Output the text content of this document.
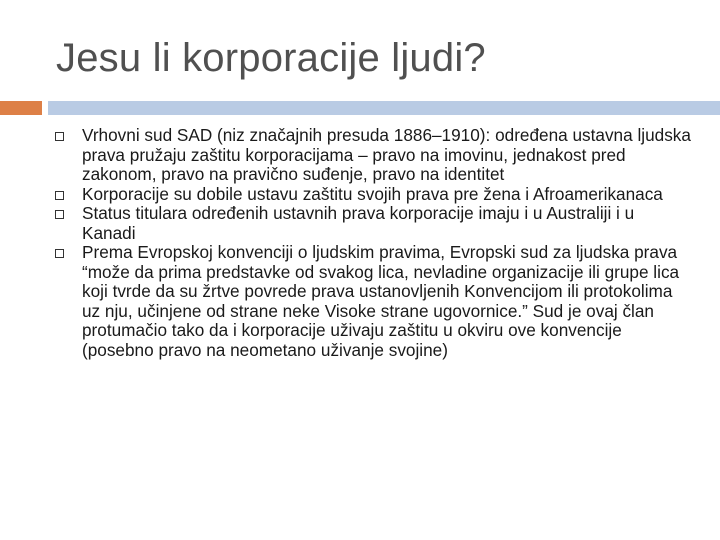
Jesu li korporacije ljudi?
Vrhovni sud SAD (niz značajnih presuda 1886–1910): određena ustavna ljudska prava pružaju zaštitu korporacijama – pravo na imovinu, jednakost pred zakonom, pravo na pravično suđenje, pravo na identitet
Korporacije su dobile ustavu zaštitu svojih prava pre žena i Afroamerikanaca
Status titulara određenih ustavnih prava korporacije imaju i u Australiji i u Kanadi
Prema Evropskoj konvenciji o ljudskim pravima, Evropski sud za ljudska prava “može da prima predstavke od svakog lica, nevladine organizacije ili grupe lica koji tvrde da su žrtve povrede prava ustanovljenih Konvencijom ili protokolima uz nju, učinjene od strane neke Visoke strane ugovornice.” Sud je ovaj član protumačio tako da i korporacije uživaju zaštitu u okviru ove konvencije (posebno pravo na neometano uživanje svojine)
